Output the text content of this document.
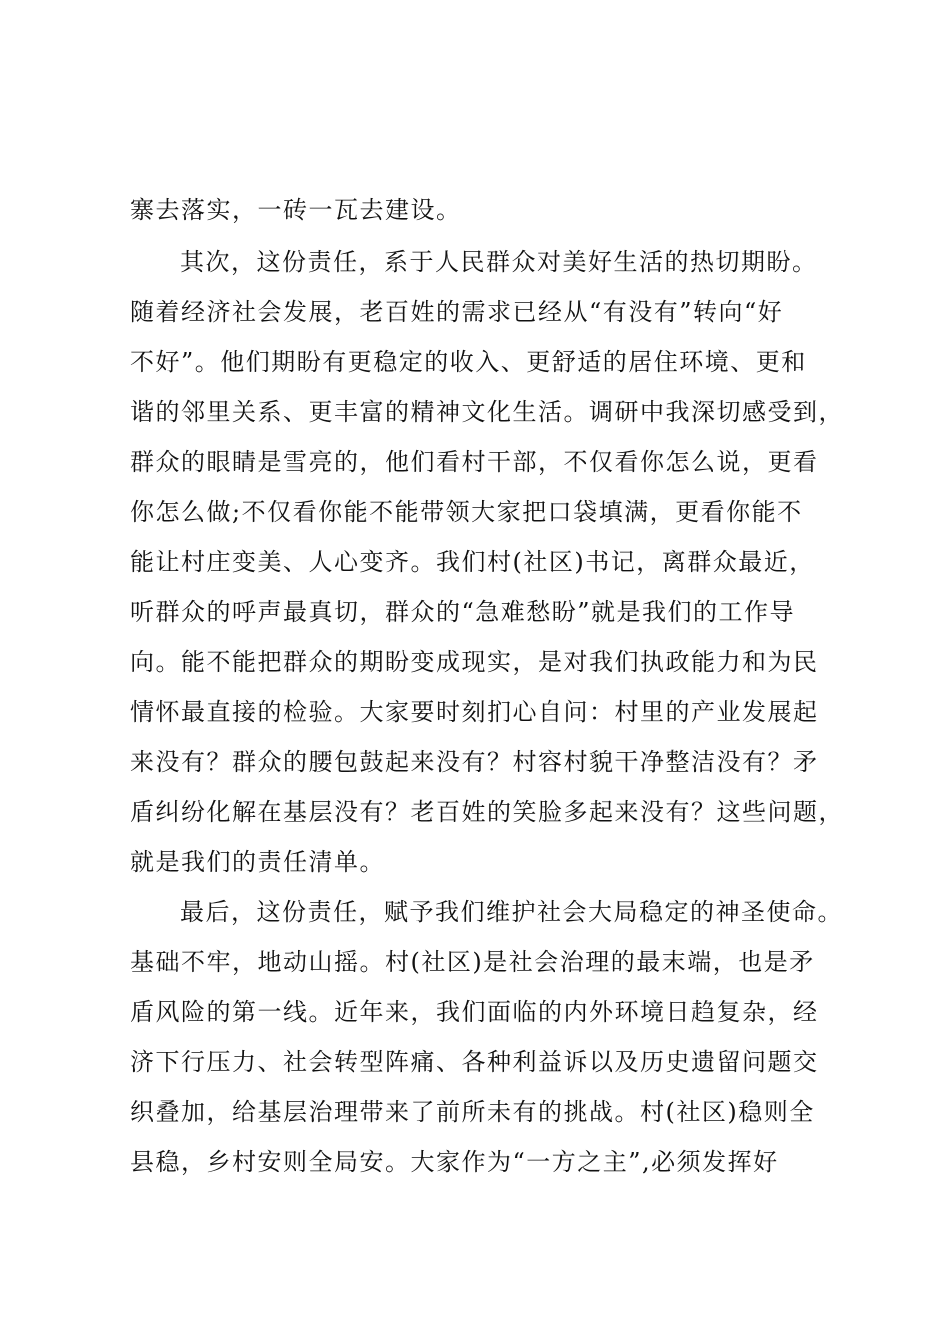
寨去落实，一砖一瓦去建设。
其次，这份责任，系于人民群众对美好生活的热切期盼。
随着经济社会发展，老百姓的需求已经从“有没有”转向“好
不好”。他们期盼有更稳定的收入、更舒适的居住环境、更和
谐的邻里关系、更丰富的精神文化生活。调研中我深切感受到，
群众的眼睛是雪亮的，他们看村干部，不仅看你怎么说，更看
你怎么做;不仅看你能不能带领大家把口袋填满，更看你能不
能让村庄变美、人心变齐。我们村(社区)书记，离群众最近，
听群众的呼声最真切，群众的“急难愁盼”就是我们的工作导
向。能不能把群众的期盼变成现实，是对我们执政能力和为民
情怀最直接的检验。大家要时刻扪心自问：村里的产业发展起
来没有？群众的腰包鼓起来没有？村容村貌干净整洁没有？矛
盾纠纷化解在基层没有？老百姓的笑脸多起来没有？这些问题，
就是我们的责任清单。
最后，这份责任，赋予我们维护社会大局稳定的神圣使命。
基础不牢，地动山摇。村(社区)是社会治理的最末端，也是矛
盾风险的第一线。近年来，我们面临的内外环境日趋复杂，经
济下行压力、社会转型阵痛、各种利益诉以及历史遗留问题交
织叠加，给基层治理带来了前所未有的挑战。村(社区)稳则全
县稳，乡村安则全局安。大家作为“一方之主”,必须发挥好
